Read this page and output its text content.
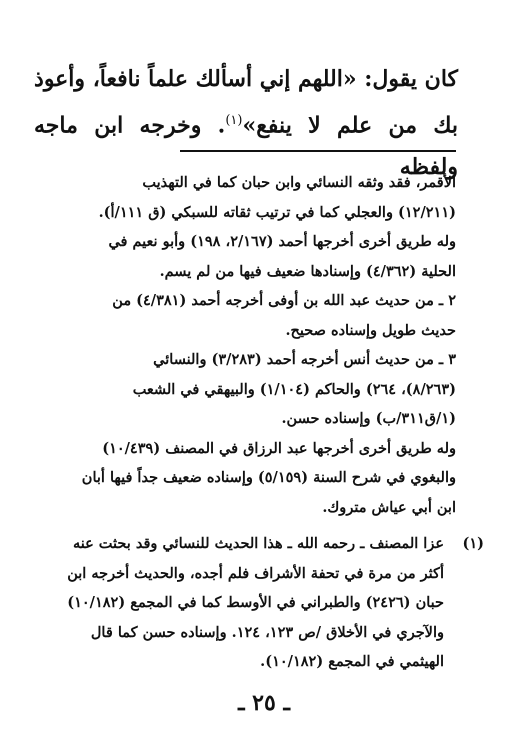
كان يقول: «اللهم إني أسألك علماً نافعاً، وأعوذ

بك من علم لا ينفع»$^{(١)}$. وخرجه ابن ماجه ولفظه

الأقمر، فقد وثقه النسائي وابن حبان كما في التهذيب

(١٢/٢١١) والعجلي كما في ترتيب ثقاته للسبكي (ق ١١١/أ).

وله طريق أخرى أخرجها أحمد (٢/١٦٧، ١٩٨) وأبو نعيم في

الحلية (٤/٣٦٢) وإسنادها ضعيف فيها من لم يسم.

٢ ـ من حديث عبد الله بن أوفى أخرجه أحمد (٤/٣٨١) من

حديث طويل وإسناده صحيح.

٣ ـ من حديث أنس أخرجه أحمد (٣/٢٨٣) والنسائي

(٨/٢٦٣)، ٢٦٤) والحاكم (١/١٠٤) والبيهقي في الشعب

(١/ق٣١١/ب) وإسناده حسن.

وله طريق أخرى أخرجها عبد الرزاق في المصنف (١٠/٤٣٩)

والبغوي في شرح السنة (٥/١٥٩) وإسناده ضعيف جداً فيها أبان

ابن أبي عياش متروك.

(١)

عزا المصنف ـ رحمه الله ـ هذا الحديث للنسائي وقد بحثت عنه

أكثر من مرة في تحفة الأشراف فلم أجده، والحديث أخرجه ابن

حبان (٢٤٢٦) والطبراني في الأوسط كما في المجمع (١٠/١٨٢)

والآجري في الأخلاق /ص ١٢٣، ١٢٤. وإسناده حسن كما قال

الهيثمي في المجمع (١٠/١٨٢).

ـ ٢٥ ـ
